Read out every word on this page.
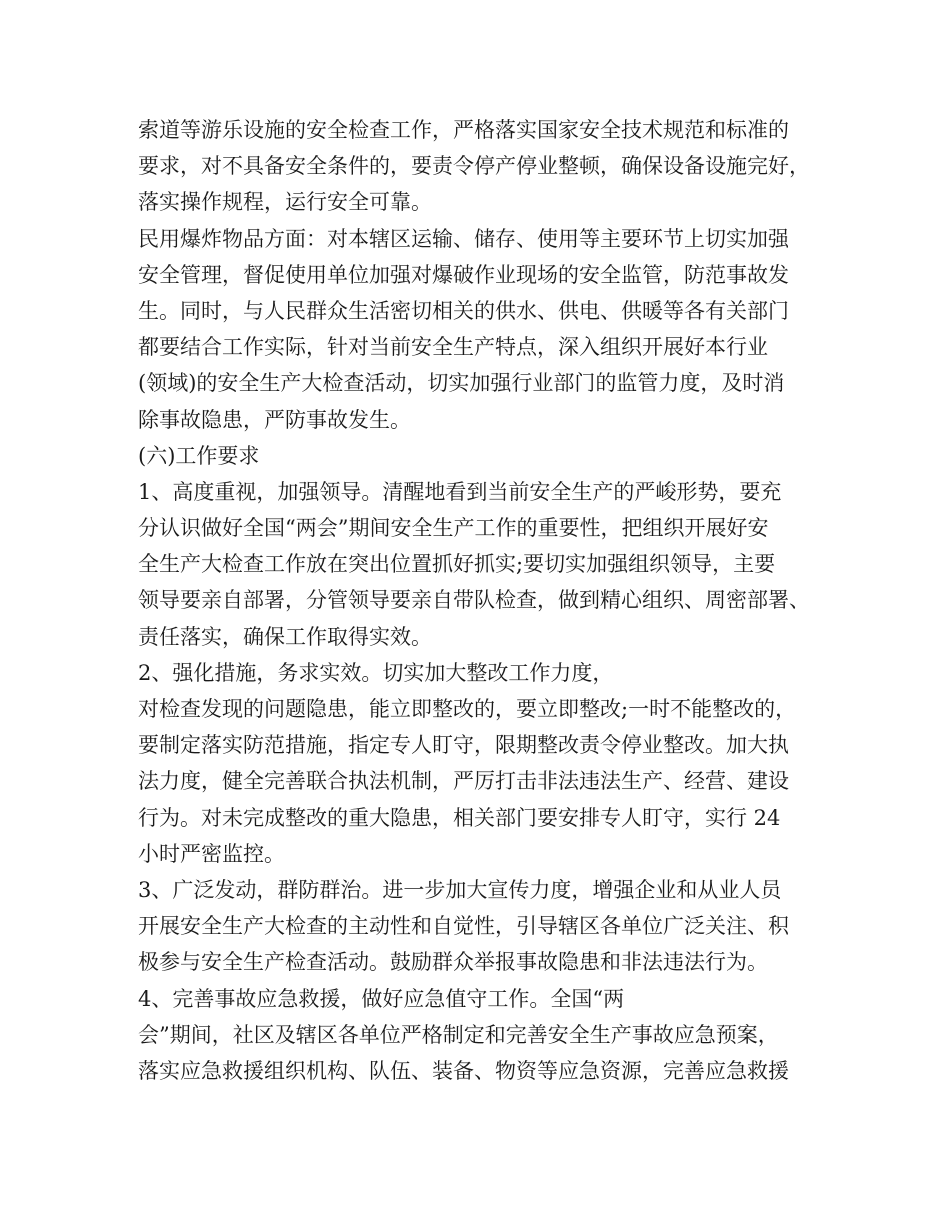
索道等游乐设施的安全检查工作，严格落实国家安全技术规范和标准的
要求，对不具备安全条件的，要责令停产停业整顿，确保设备设施完好，
落实操作规程，运行安全可靠。
民用爆炸物品方面：对本辖区运输、储存、使用等主要环节上切实加强
安全管理，督促使用单位加强对爆破作业现场的安全监管，防范事故发
生。同时，与人民群众生活密切相关的供水、供电、供暖等各有关部门
都要结合工作实际，针对当前安全生产特点，深入组织开展好本行业
(领域)的安全生产大检查活动，切实加强行业部门的监管力度，及时消
除事故隐患，严防事故发生。
(六)工作要求
1、高度重视，加强领导。清醒地看到当前安全生产的严峻形势，要充
分认识做好全国“两会”期间安全生产工作的重要性，把组织开展好安
全生产大检查工作放在突出位置抓好抓实;要切实加强组织领导，主要
领导要亲自部署，分管领导要亲自带队检查，做到精心组织、周密部署、
责任落实，确保工作取得实效。
2、强化措施，务求实效。切实加大整改工作力度，
对检查发现的问题隐患，能立即整改的，要立即整改;一时不能整改的，
要制定落实防范措施，指定专人盯守，限期整改责令停业整改。加大执
法力度，健全完善联合执法机制，严厉打击非法违法生产、经营、建设
行为。对未完成整改的重大隐患，相关部门要安排专人盯守，实行 24
小时严密监控。
3、广泛发动，群防群治。进一步加大宣传力度，增强企业和从业人员
开展安全生产大检查的主动性和自觉性，引导辖区各单位广泛关注、积
极参与安全生产检查活动。鼓励群众举报事故隐患和非法违法行为。
4、完善事故应急救援，做好应急值守工作。全国“两
会”期间，社区及辖区各单位严格制定和完善安全生产事故应急预案，
落实应急救援组织机构、队伍、装备、物资等应急资源，完善应急救援
